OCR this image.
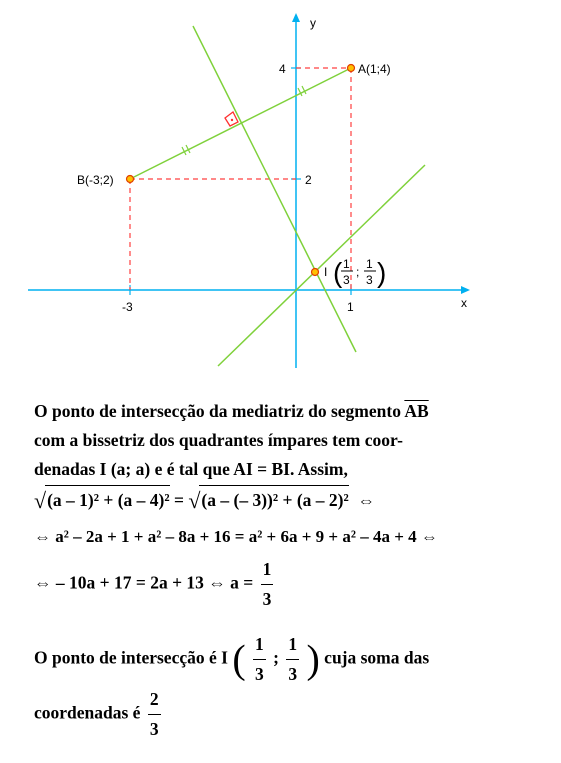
x
y
4
2
-3	1
A(1;4)
B(-3;2)
I ( 1
3
;
1
3 )
O ponto de intersecção da mediatriz do segmento $\overline{AB}$
com a bissetriz dos quadrantes ímpares tem coor-
denadas I (a; a) e é tal que AI = BI. Assim,
√(a – 1)² + (a – 4)² = √(a – (– 3))² + (a – 2)² ⇔
⇔ a² – 2a + 1 + a² – 8a + 16 = a² + 6a + 9 + a² – 4a + 4 ⇔
⇔ – 10a + 17 = 2a + 13 ⇔ $a = \frac{1}{3}$
O ponto de intersecção é I ( $\frac{1}{3}$ ; $\frac{1}{3}$ ) cuja soma das
coordenadas é $\frac{2}{3}$
